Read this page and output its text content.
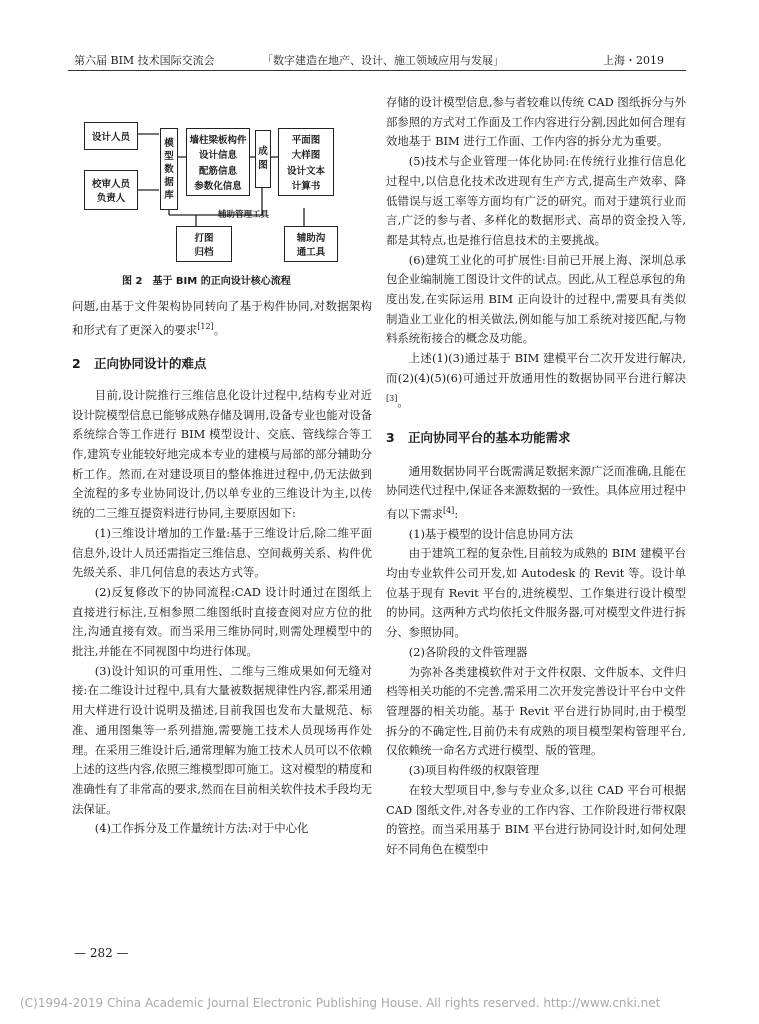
第六届 BIM 技术国际交流会	「数字建造在地产、设计、施工领域应用与发展」	上海・2019
设计人员
校审人员
负责人
模型数据库
墙柱梁板构件
设计信息
配筋信息
参数化信息
成图
平面图
大样图
设计文本
计算书
辅助管理工具
打图
归档
辅助沟
通工具
图 2　基于 BIM 的正向设计核心流程

问题,由基于文件架构协同转向了基于构件协同,对数据架构和形式有了更深入的要求[12]。

2 正向协同设计的难点

目前,设计院推行三维信息化设计过程中,结构专业对近设计院模型信息已能够成熟存储及调用,设备专业也能对设备系统综合等工作进行 BIM 模型设计、交底、管线综合等工作,建筑专业能较好地完成本专业的建模与局部的部分辅助分析工作。然而,在对建设项目的整体推进过程中,仍无法做到全流程的多专业协同设计,仍以单专业的三维设计为主,以传统的二三维互提资料进行协同,主要原因如下:

(1)三维设计增加的工作量:基于三维设计后,除二维平面信息外,设计人员还需指定三维信息、空间裁剪关系、构件优先级关系、非几何信息的表达方式等。

(2)反复修改下的协同流程:CAD 设计时通过在图纸上直接进行标注,互相参照二维图纸时直接查阅对应方位的批注,沟通直接有效。而当采用三维协同时,则需处理模型中的批注,并能在不同视图中均进行体现。

(3)设计知识的可重用性、二维与三维成果如何无缝对接:在二维设计过程中,具有大量被数据规律性内容,都采用通用大样进行设计说明及描述,目前我国也发布大量规范、标准、通用图集等一系列措施,需要施工技术人员现场再作处理。在采用三维设计后,通常理解为施工技术人员可以不依赖上述的这些内容,依照三维模型即可施工。这对模型的精度和准确性有了非常高的要求,然而在目前相关软件技术手段均无法保证。

(4)工作拆分及工作量统计方法:对于中心化

存储的设计模型信息,参与者较难以传统 CAD 图纸拆分与外部参照的方式对工作面及工作内容进行分割,因此如何合理有效地基于 BIM 进行工作面、工作内容的拆分尤为重要。

(5)技术与企业管理一体化协同:在传统行业推行信息化过程中,以信息化技术改进现有生产方式,提高生产效率、降低错误与返工率等方面均有广泛的研究。而对于建筑行业而言,广泛的参与者、多样化的数据形式、高昂的资金投入等,都是其特点,也是推行信息技术的主要挑战。

(6)建筑工业化的可扩展性:目前已开展上海、深圳总承包企业编制施工图设计文件的试点。因此,从工程总承包的角度出发,在实际运用 BIM 正向设计的过程中,需要具有类似制造业工业化的相关做法,例如能与加工系统对接匹配,与物料系统衔接合的概念及功能。

上述(1)(3)通过基于 BIM 建模平台二次开发进行解决,而(2)(4)(5)(6)可通过开放通用性的数据协同平台进行解决[3]。

3 正向协同平台的基本功能需求

通用数据协同平台既需满足数据来源广泛而准确,且能在协同迭代过程中,保证各来源数据的一致性。具体应用过程中有以下需求[4]:

(1)基于模型的设计信息协同方法

由于建筑工程的复杂性,目前较为成熟的 BIM 建模平台均由专业软件公司开发,如 Autodesk 的 Revit 等。设计单位基于现有 Revit 平台的,进统模型、工作集进行设计模型的协同。这两种方式均依托文件服务器,可对模型文件进行拆分、参照协同。

(2)各阶段的文件管理器

为弥补各类建模软件对于文件权限、文件版本、文件归档等相关功能的不完善,需采用二次开发完善设计平台中文件管理器的相关功能。基于 Revit 平台进行协同时,由于模型拆分的不确定性,目前仍未有成熟的项目模型架构管理平台,仅依赖统一命名方式进行模型、版的管理。

(3)项目构件级的权限管理

在较大型项目中,参与专业众多,以往 CAD 平台可根据 CAD 图纸文件,对各专业的工作内容、工作阶段进行带权限的管控。而当采用基于 BIM 平台进行协同设计时,如何处理好不同角色在模型中

— 282 —
(C)1994-2019 China Academic Journal Electronic Publishing House. All rights reserved. http://www.cnki.net
